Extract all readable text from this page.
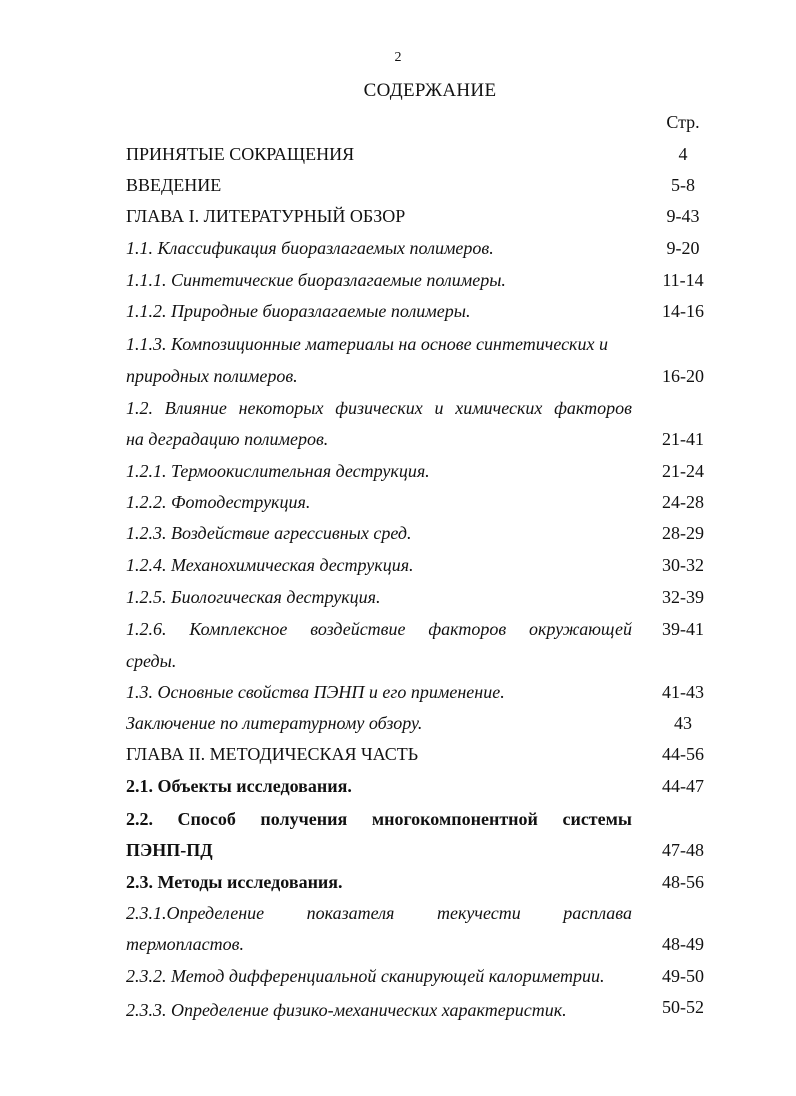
2
СОДЕРЖАНИЕ
Стр.
ПРИНЯТЫЕ СОКРАЩЕНИЯ	4
ВВЕДЕНИЕ	5-8
ГЛАВА I. ЛИТЕРАТУРНЫЙ ОБЗОР	9-43
1.1. Классификация биоразлагаемых полимеров.	9-20
1.1.1. Синтетические биоразлагаемые полимеры.	11-14
1.1.2. Природные биоразлагаемые полимеры.	14-16
1.1.3. Композиционные материалы на основе синтетических и
природных полимеров.	16-20
1.2. Влияние некоторых физических и химических факторов
на деградацию полимеров.	21-41
1.2.1. Термоокислительная деструкция.	21-24
1.2.2. Фотодеструкция.	24-28
1.2.3. Воздействие агрессивных сред.	28-29
1.2.4. Механохимическая деструкция.	30-32
1.2.5. Биологическая деструкция.	32-39
1.2.6. Комплексное воздействие факторов окружающей	39-41
среды.
1.3. Основные свойства ПЭНП и его применение.	41-43
Заключение по литературному обзору.	43
ГЛАВА II. МЕТОДИЧЕСКАЯ ЧАСТЬ	44-56
2.1. Объекты исследования.	44-47
2.2. Способ получения многокомпонентной системы
ПЭНП-ПД	47-48
2.3. Методы исследования.	48-56
2.3.1.Определение показателя текучести расплава
термопластов.	48-49
2.3.2. Метод дифференциальной сканирующей калориметрии.	49-50
2.3.3. Определение физико-механических характеристик.	50-52
